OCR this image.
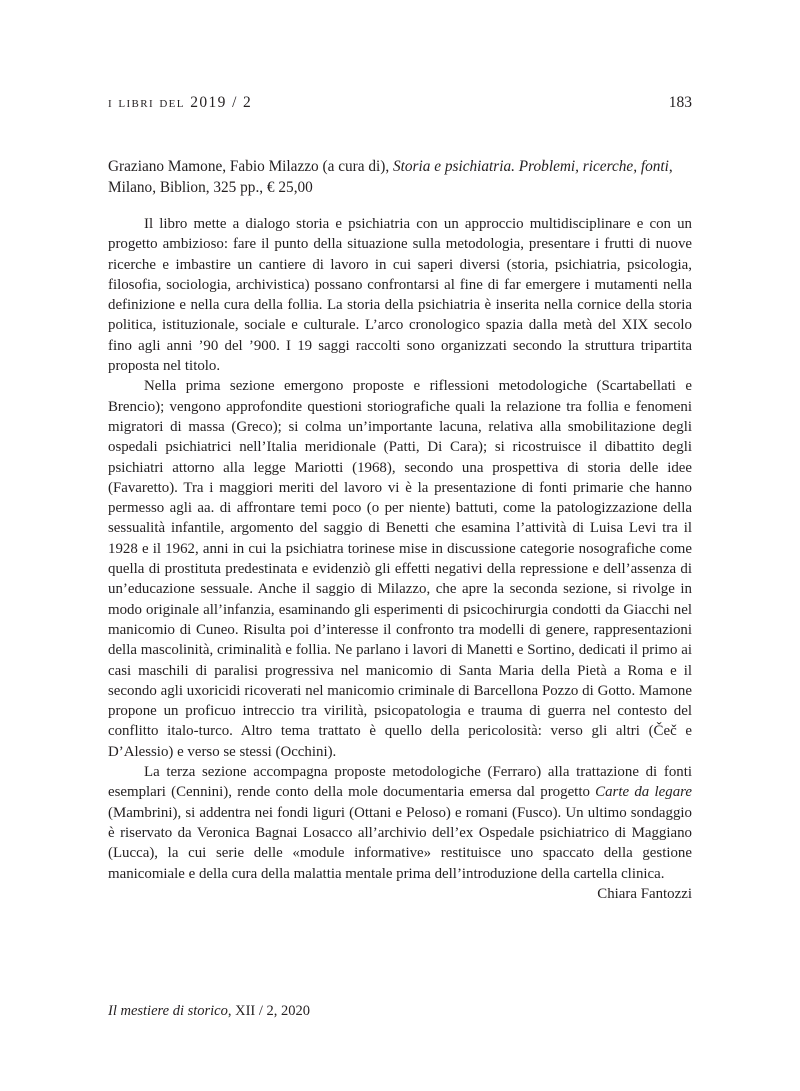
i libri del 2019 / 2	183
Graziano Mamone, Fabio Milazzo (a cura di), Storia e psichiatria. Problemi, ricerche, fonti, Milano, Biblion, 325 pp., € 25,00

Il libro mette a dialogo storia e psichiatria con un approccio multidisciplinare e con un progetto ambizioso: fare il punto della situazione sulla metodologia, presentare i frutti di nuove ricerche e imbastire un cantiere di lavoro in cui saperi diversi (storia, psichiatria, psicologia, filosofia, sociologia, archivistica) possano confrontarsi al fine di far emergere i mutamenti nella definizione e nella cura della follia. La storia della psichiatria è inserita nella cornice della storia politica, istituzionale, sociale e culturale. L’arco cronologico spazia dalla metà del XIX secolo fino agli anni ’90 del ’900. I 19 saggi raccolti sono organizzati secondo la struttura tripartita proposta nel titolo.

Nella prima sezione emergono proposte e riflessioni metodologiche (Scartabellati e Brencio); vengono approfondite questioni storiografiche quali la relazione tra follia e fenomeni migratori di massa (Greco); si colma un’importante lacuna, relativa alla smobilitazione degli ospedali psichiatrici nell’Italia meridionale (Patti, Di Cara); si ricostruisce il dibattito degli psichiatri attorno alla legge Mariotti (1968), secondo una prospettiva di storia delle idee (Favaretto). Tra i maggiori meriti del lavoro vi è la presentazione di fonti primarie che hanno permesso agli aa. di affrontare temi poco (o per niente) battuti, come la patologizzazione della sessualità infantile, argomento del saggio di Benetti che esamina l’attività di Luisa Levi tra il 1928 e il 1962, anni in cui la psichiatra torinese mise in discussione categorie nosografiche come quella di prostituta predestinata e evidenziò gli effetti negativi della repressione e dell’assenza di un’educazione sessuale. Anche il saggio di Milazzo, che apre la seconda sezione, si rivolge in modo originale all’infanzia, esaminando gli esperimenti di psicochirurgia condotti da Giacchi nel manicomio di Cuneo. Risulta poi d’interesse il confronto tra modelli di genere, rappresentazioni della mascolinità, criminalità e follia. Ne parlano i lavori di Manetti e Sortino, dedicati il primo ai casi maschili di paralisi progressiva nel manicomio di Santa Maria della Pietà a Roma e il secondo agli uxoricidi ricoverati nel manicomio criminale di Barcellona Pozzo di Gotto. Mamone propone un proficuo intreccio tra virilità, psicopatologia e trauma di guerra nel contesto del conflitto italo-turco. Altro tema trattato è quello della pericolosità: verso gli altri (Čeč e D’Alessio) e verso se stessi (Occhini).

La terza sezione accompagna proposte metodologiche (Ferraro) alla trattazione di fonti esemplari (Cennini), rende conto della mole documentaria emersa dal progetto Carte da legare (Mambrini), si addentra nei fondi liguri (Ottani e Peloso) e romani (Fusco). Un ultimo sondaggio è riservato da Veronica Bagnai Losacco all’archivio dell’ex Ospedale psichiatrico di Maggiano (Lucca), la cui serie delle «module informative» restituisce uno spaccato della gestione manicomiale e della cura della malattia mentale prima dell’introduzione della cartella clinica.

Chiara Fantozzi

Il mestiere di storico, XII / 2, 2020
